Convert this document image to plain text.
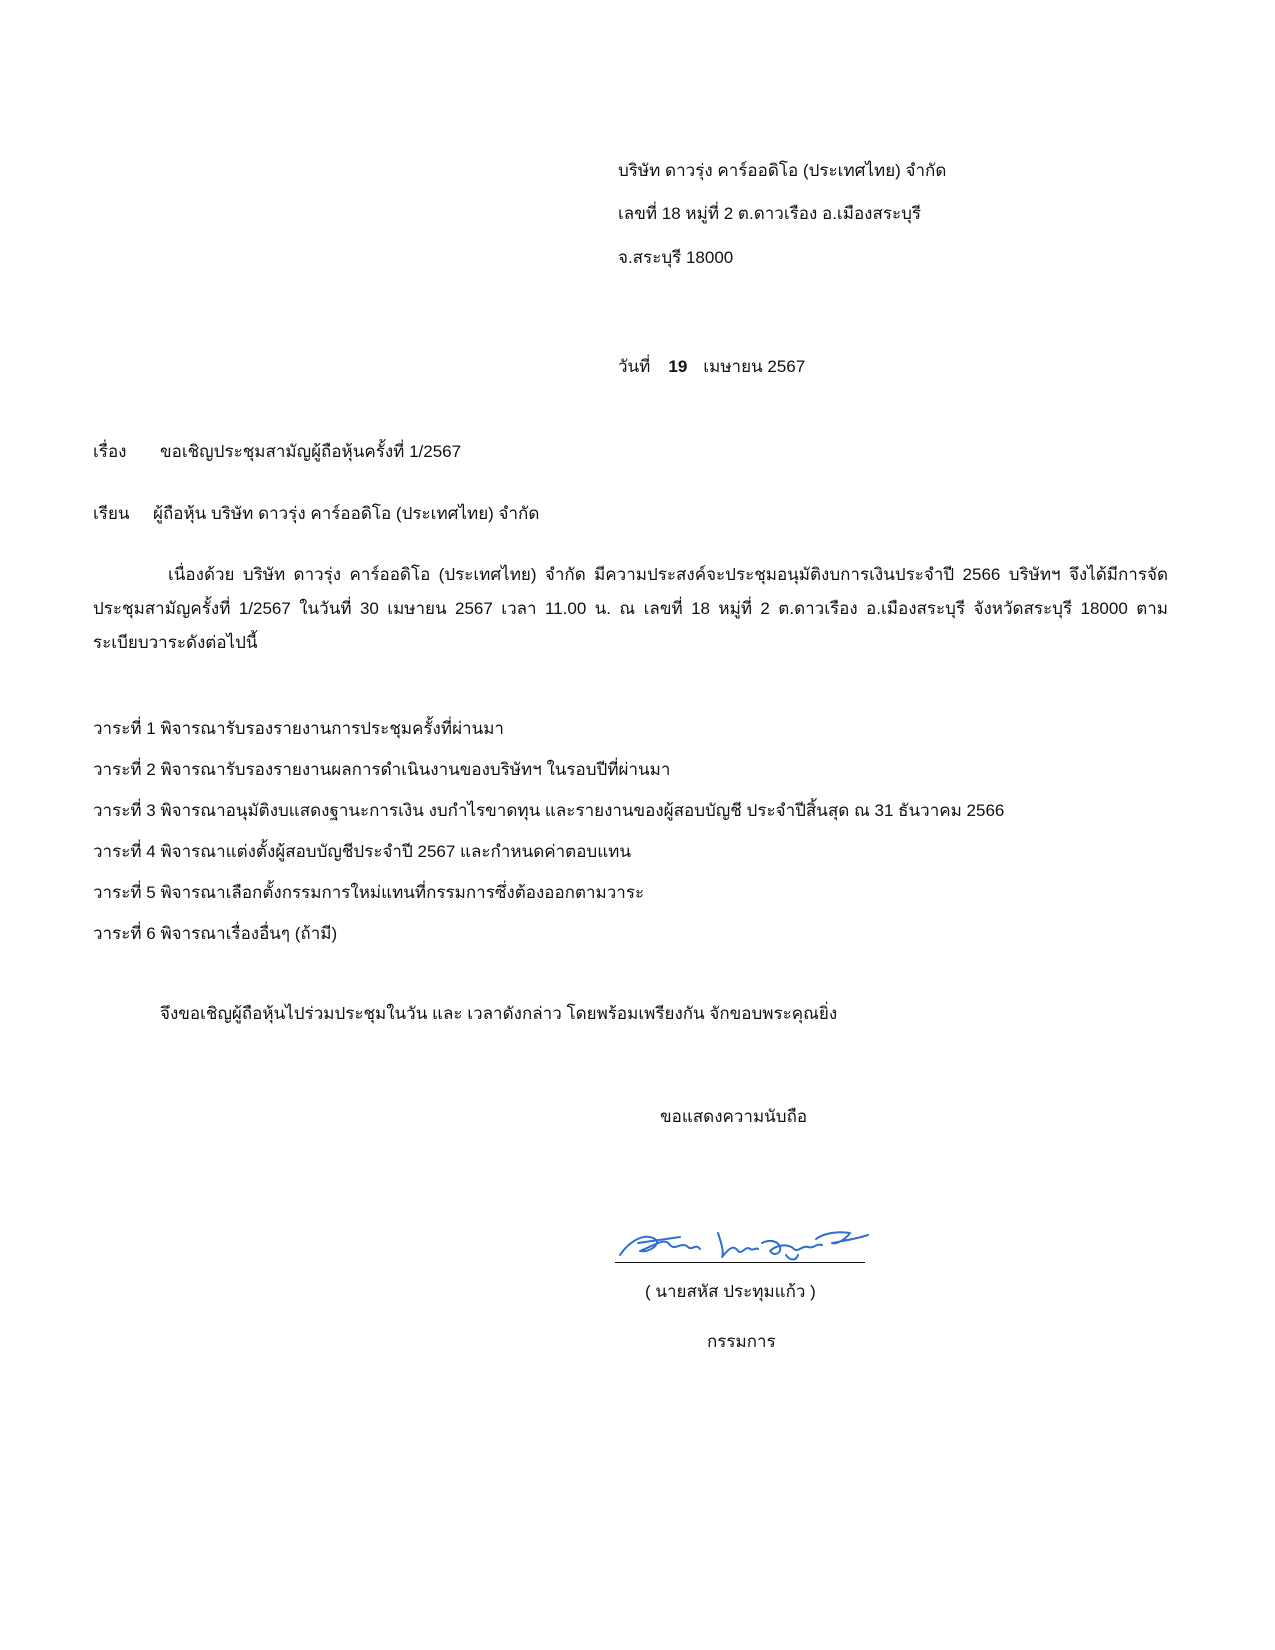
บริษัท ดาวรุ่ง คาร์ออดิโอ (ประเทศไทย) จำกัด
เลขที่ 18 หมู่ที่ 2 ต.ดาวเรือง อ.เมืองสระบุรี
จ.สระบุรี 18000
วันที่ 19 เมษายน 2567
เรื่อง ขอเชิญประชุมสามัญผู้ถือหุ้นครั้งที่ 1/2567
เรียน ผู้ถือหุ้น บริษัท ดาวรุ่ง คาร์ออดิโอ (ประเทศไทย) จำกัด
เนื่องด้วย บริษัท ดาวรุ่ง คาร์ออดิโอ (ประเทศไทย) จำกัด มีความประสงค์จะประชุมอนุมัติงบการเงินประจำปี 2566 บริษัทฯ จึงได้มีการจัดประชุมสามัญครั้งที่ 1/2567 ในวันที่ 30 เมษายน 2567 เวลา 11.00 น. ณ เลขที่ 18 หมู่ที่ 2 ต.ดาวเรือง อ.เมืองสระบุรี จังหวัดสระบุรี 18000 ตามระเบียบวาระดังต่อไปนี้
วาระที่ 1 พิจารณารับรองรายงานการประชุมครั้งที่ผ่านมา
วาระที่ 2 พิจารณารับรองรายงานผลการดำเนินงานของบริษัทฯ ในรอบปีที่ผ่านมา
วาระที่ 3 พิจารณาอนุมัติงบแสดงฐานะการเงิน งบกำไรขาดทุน และรายงานของผู้สอบบัญชี ประจำปีสิ้นสุด ณ 31 ธันวาคม 2566
วาระที่ 4 พิจารณาแต่งตั้งผู้สอบบัญชีประจำปี 2567 และกำหนดค่าตอบแทน
วาระที่ 5 พิจารณาเลือกตั้งกรรมการใหม่แทนที่กรรมการซึ่งต้องออกตามวาระ
วาระที่ 6 พิจารณาเรื่องอื่นๆ (ถ้ามี)
จึงขอเชิญผู้ถือหุ้นไปร่วมประชุมในวัน และ เวลาดังกล่าว โดยพร้อมเพรียงกัน จักขอบพระคุณยิ่ง
ขอแสดงความนับถือ
( นายสหัส ประทุมแก้ว )
กรรมการ
